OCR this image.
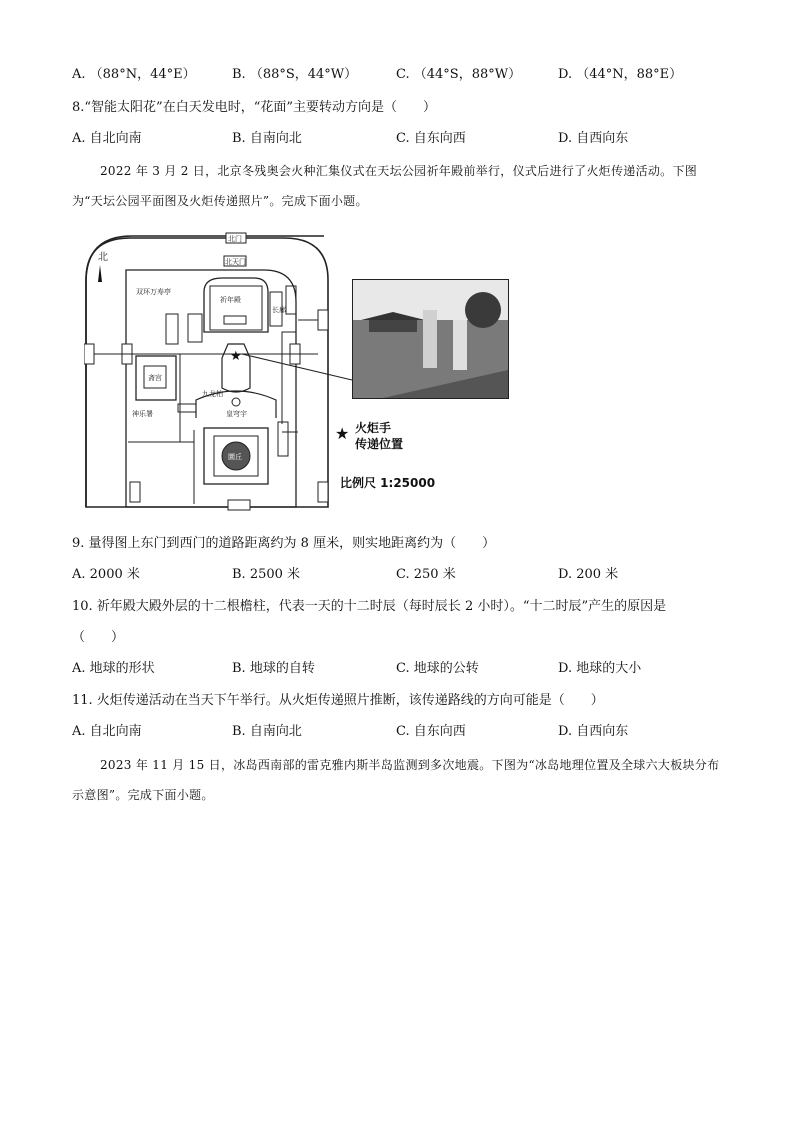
A. （88°N，44°E）	B. （88°S，44°W）	C. （44°S，88°W）	D. （44°N，88°E）
8.“智能太阳花”在白天发电时，“花面”主要转动方向是（　　）
A. 自北向南	B. 自南向北	C. 自东向西	D. 自西向东
2022 年 3 月 2 日，北京冬残奥会火种汇集仪式在天坛公园祈年殿前举行，仪式后进行了火炬传递活动。下图为“天坛公园平面图及火炬传递照片”。完成下面小题。
北
北门
北天门
祈年殿
九龙柏
皇穹宇
圜丘
斋宫
神乐署
双环万寿亭
长廊
★
★ 火炬手
传递位置
比例尺 1:25000
9. 量得图上东门到西门的道路距离约为 8 厘米，则实地距离约为（　　）
A. 2000 米	B. 2500 米	C. 250 米	D. 200 米
10. 祈年殿大殿外层的十二根檐柱，代表一天的十二时辰（每时辰长 2 小时）。“十二时辰”产生的原因是
（　　）
A. 地球的形状	B. 地球的自转	C. 地球的公转	D. 地球的大小
11. 火炬传递活动在当天下午举行。从火炬传递照片推断，该传递路线的方向可能是（　　）
A. 自北向南	B. 自南向北	C. 自东向西	D. 自西向东
2023 年 11 月 15 日，冰岛西南部的雷克雅内斯半岛监测到多次地震。下图为“冰岛地理位置及全球六大板块分布示意图”。完成下面小题。
